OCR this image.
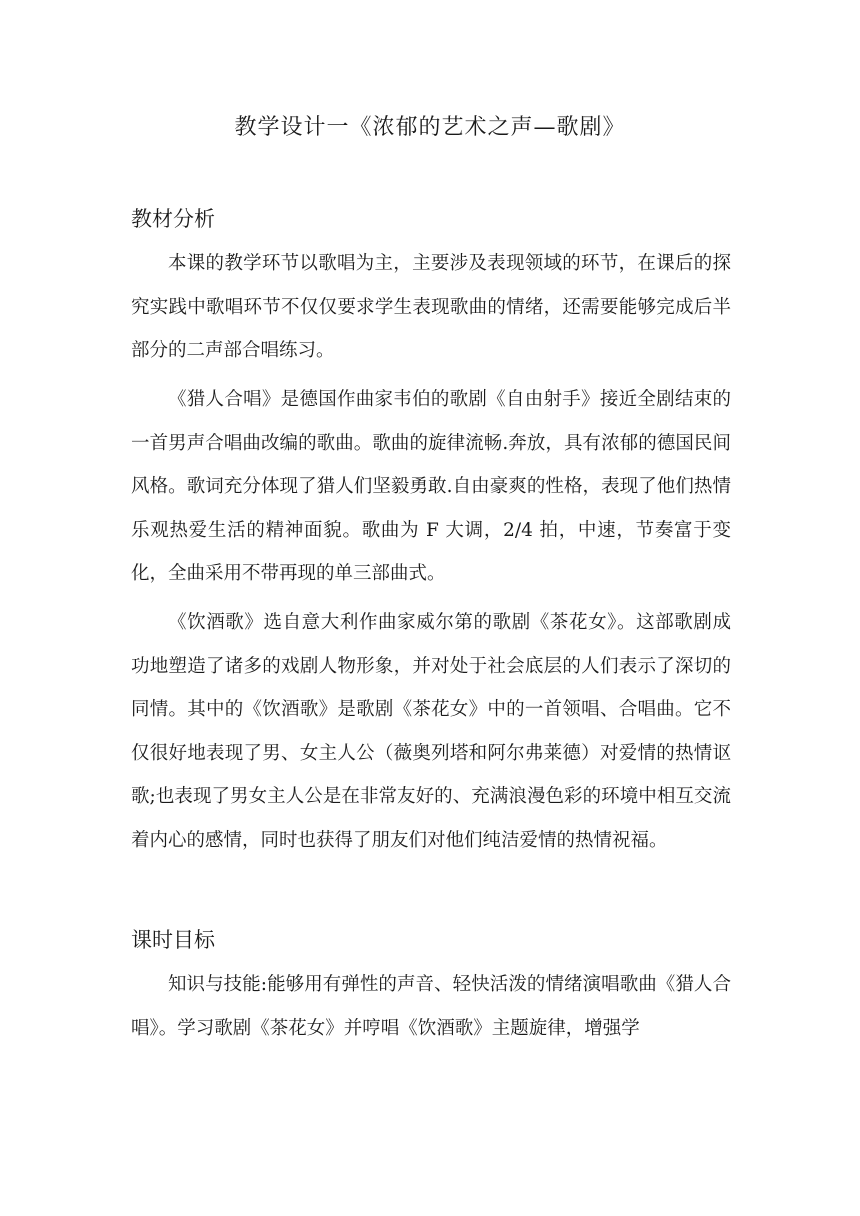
教学设计一《浓郁的艺术之声—歌剧》
教材分析

本课的教学环节以歌唱为主，主要涉及表现领域的环节，在课后的探究实践中歌唱环节不仅仅要求学生表现歌曲的情绪，还需要能够完成后半部分的二声部合唱练习。

《猎人合唱》是德国作曲家韦伯的歌剧《自由射手》接近全剧结束的一首男声合唱曲改编的歌曲。歌曲的旋律流畅.奔放，具有浓郁的德国民间风格。歌词充分体现了猎人们坚毅勇敢.自由豪爽的性格，表现了他们热情乐观热爱生活的精神面貌。歌曲为 F 大调，2/4 拍，中速，节奏富于变化，全曲采用不带再现的单三部曲式。

《饮酒歌》选自意大利作曲家威尔第的歌剧《茶花女》。这部歌剧成功地塑造了诸多的戏剧人物形象，并对处于社会底层的人们表示了深切的同情。其中的《饮酒歌》是歌剧《茶花女》中的一首领唱、合唱曲。它不仅很好地表现了男、女主人公（薇奥列塔和阿尔弗莱德）对爱情的热情讴歌;也表现了男女主人公是在非常友好的、充满浪漫色彩的环境中相互交流着内心的感情，同时也获得了朋友们对他们纯洁爱情的热情祝福。

课时目标

知识与技能:能够用有弹性的声音、轻快活泼的情绪演唱歌曲《猎人合唱》。学习歌剧《茶花女》并哼唱《饮酒歌》主题旋律，增强学
